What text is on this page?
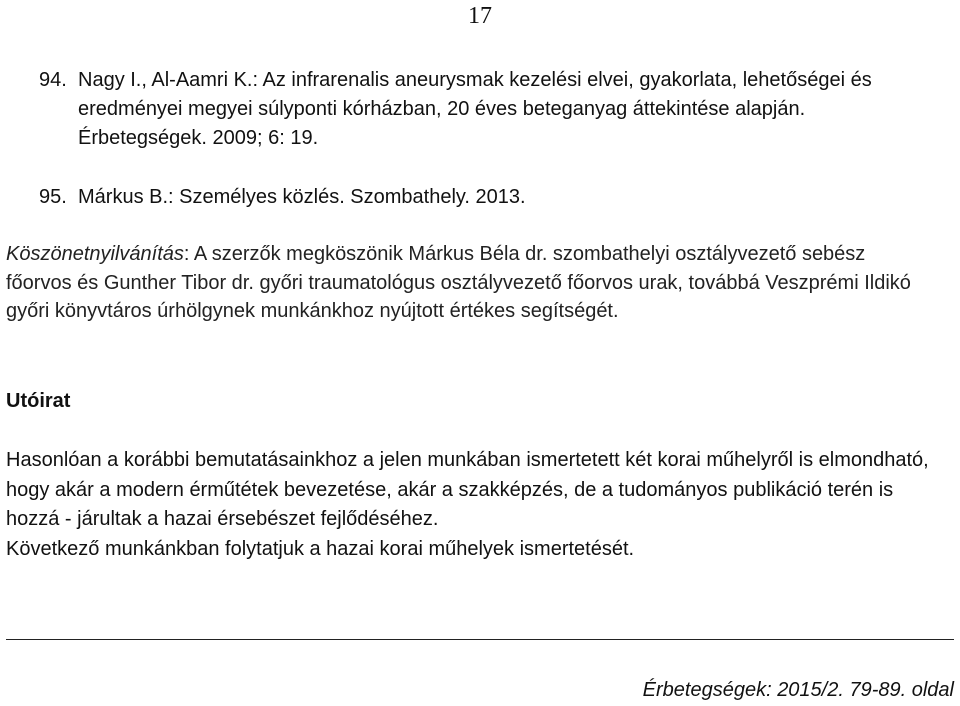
17
94. Nagy I., Al-Aamri K.: Az infrarenalis aneurysmak kezelési elvei, gyakorlata, lehetőségei és eredményei megyei súlyponti kórházban, 20 éves beteganyag áttekintése alapján. Érbetegségek. 2009; 6: 19.
95. Márkus B.: Személyes közlés. Szombathely. 2013.
Köszönetnyilvánítás: A szerzők megköszönik Márkus Béla dr. szombathelyi osztályvezető sebész főorvos és Gunther Tibor dr. győri traumatológus osztályvezető főorvos urak, továbbá Veszprémi Ildikó győri könyvtáros úrhölgynek munkánkhoz nyújtott értékes segítségét.
Utóirat

Hasonlóan a korábbi bemutatásainkhoz a jelen munkában ismertetett két korai műhelyről is elmondható, hogy akár a modern érműtétek bevezetése, akár a szakképzés, de a tudományos publikáció terén is hozzá - járultak a hazai érsebészet fejlődéséhez.

Következő munkánkban folytatjuk a hazai korai műhelyek ismertetését.

Érbetegségek: 2015/2. 79-89. oldal
